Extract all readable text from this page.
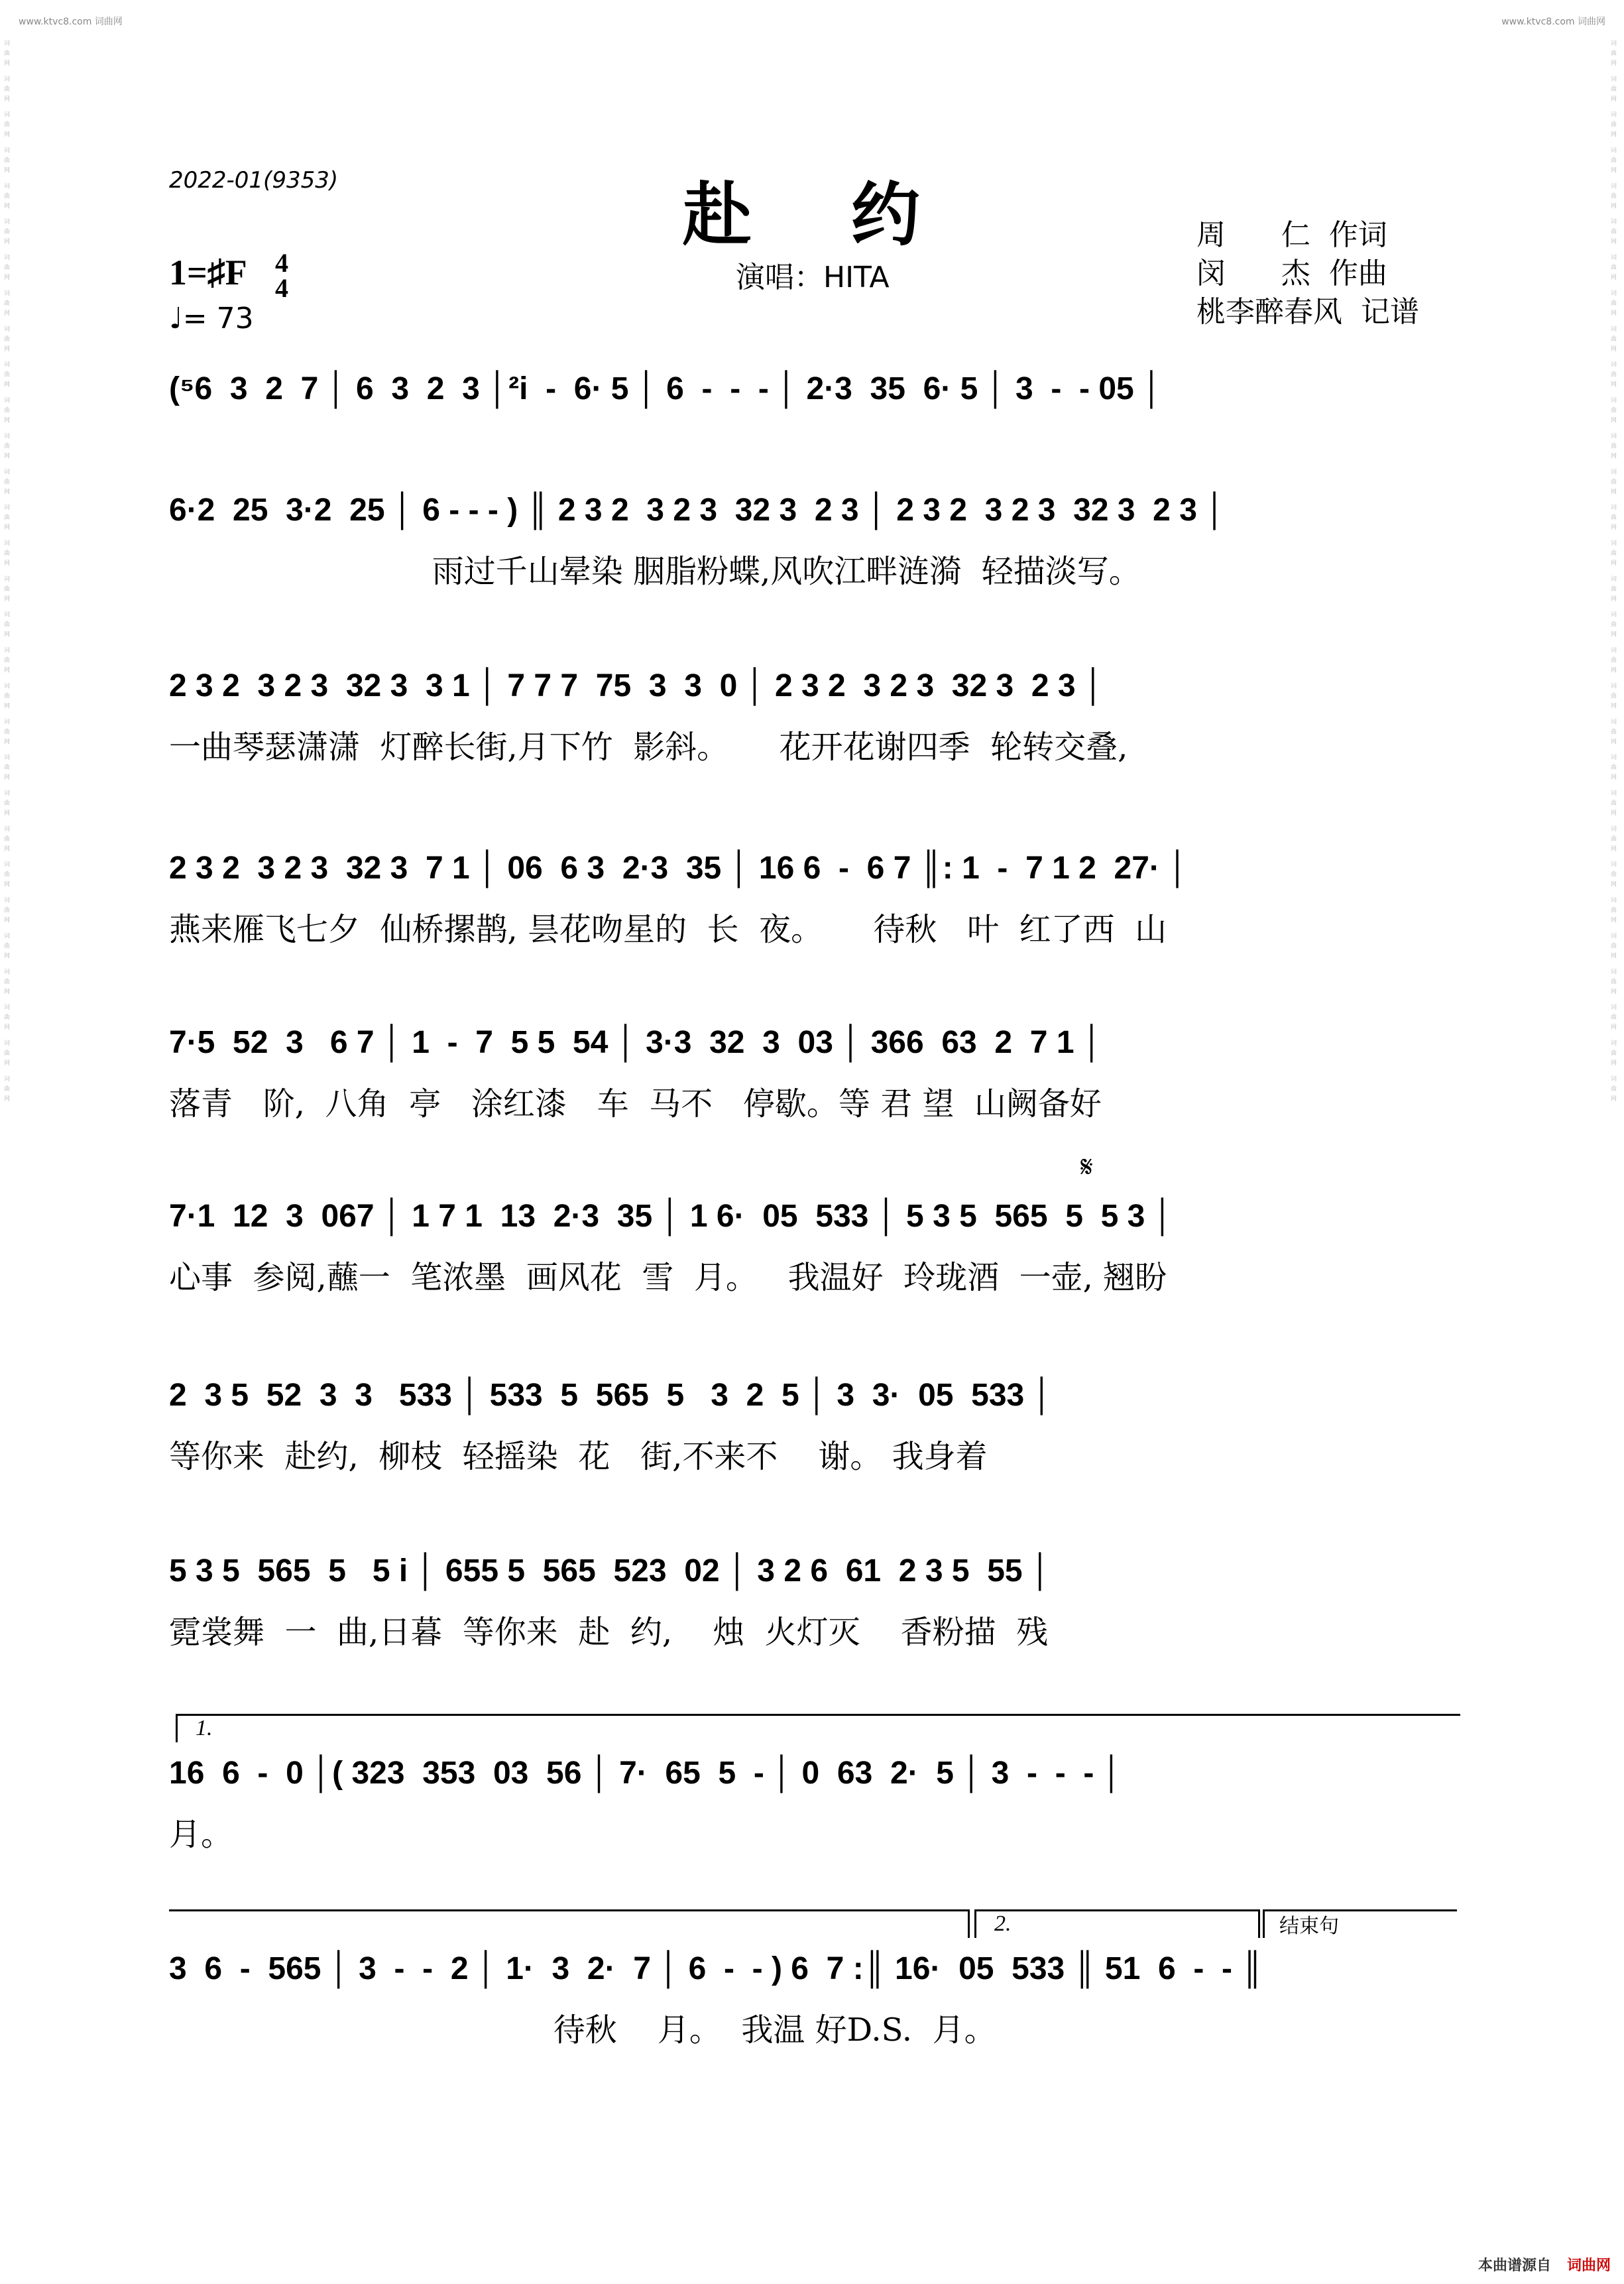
www.ktvc8.com 词曲网	www.ktvc8.com 词曲网
词曲网 词曲网 词曲网 词曲网 词曲网 词曲网 词曲网 词曲网 词曲网 词曲网 词曲网 词曲网 词曲网 词曲网 词曲网 词曲网 词曲网 词曲网 词曲网 词曲网 词曲网 词曲网 词曲网 词曲网 词曲网 词曲网 词曲网 词曲网 词曲网 词曲网	词曲网 词曲网 词曲网 词曲网 词曲网 词曲网 词曲网 词曲网 词曲网 词曲网 词曲网 词曲网 词曲网 词曲网 词曲网 词曲网 词曲网 词曲网 词曲网 词曲网 词曲网 词曲网 词曲网 词曲网 词曲网 词曲网 词曲网 词曲网 词曲网 词曲网
本曲谱源自 词曲网
2022-01(9353)	赴约
演唱：HITA
周      仁  作词
闵      杰  作曲
桃李醉春风  记谱
1=♯F 4
4
♩= 73
(⁵6  3  2  7 │ 6  3  2  3 │²i  -  6· 5 │ 6  -  -  - │ 2·3  35  6· 5 │ 3  -  - 05 │
6·2  25  3·2  25 │ 6 - - - ) ║ 2 3 2  3 2 3  32 3  2 3 │ 2 3 2  3 2 3  32 3  2 3 │
雨过千山晕染 胭脂粉蝶,风吹江畔涟漪  轻描淡写。
2 3 2  3 2 3  32 3  3 1 │ 7 7 7  75  3  3  0 │ 2 3 2  3 2 3  32 3  2 3 │
一曲琴瑟潇潇  灯醉长街,月下竹  影斜。     花开花谢四季  轮转交叠,
2 3 2  3 2 3  32 3  7 1 │ 06  6 3  2·3  35 │ 16 6  -  6 7 ║: 1  -  7 1 2  27· │
燕来雁飞七夕  仙桥摞鹊, 昙花吻星的  长  夜。     待秋   叶  红了西  山
7·5  52  3   6 7 │ 1  -  7  5 5  54 │ 3·3  32  3  03 │ 366  63  2  7 1 │
落青   阶,  八角  亭   涂红漆   车  马不   停歇。等 君 望  山阙备好
𝄋
7·1  12  3  067 │ 1 7 1  13  2·3  35 │ 1 6·  05  533 │ 5 3 5  565  5  5 3 │
心事  参阅,蘸一  笔浓墨  画风花  雪  月。   我温好  玲珑酒  一壶, 翘盼
2  3 5  52  3  3   533 │ 533  5  565  5   3  2  5 │ 3  3·  05  533 │
等你来  赴约,  柳枝  轻摇染  花   街,不来不    谢。 我身着
5 3 5  565  5   5 i │ 655 5  565  523  02 │ 3 2 6  61  2 3 5  55 │
霓裳舞  一  曲,日暮  等你来  赴  约,    烛  火灯灭    香粉描  残
1.
16  6  -  0 │( 323  353  03  56 │ 7·  65  5  - │ 0  63  2·  5 │ 3  -  -  - │
月。
2.	结束句
3  6  -  565 │ 3  -  -  2 │ 1·  3  2·  7 │ 6  -  - ) 6  7 :║ 16·  05  533 ║ 51  6  -  - ║
待秋    月。  我温 好D.S.  月。
